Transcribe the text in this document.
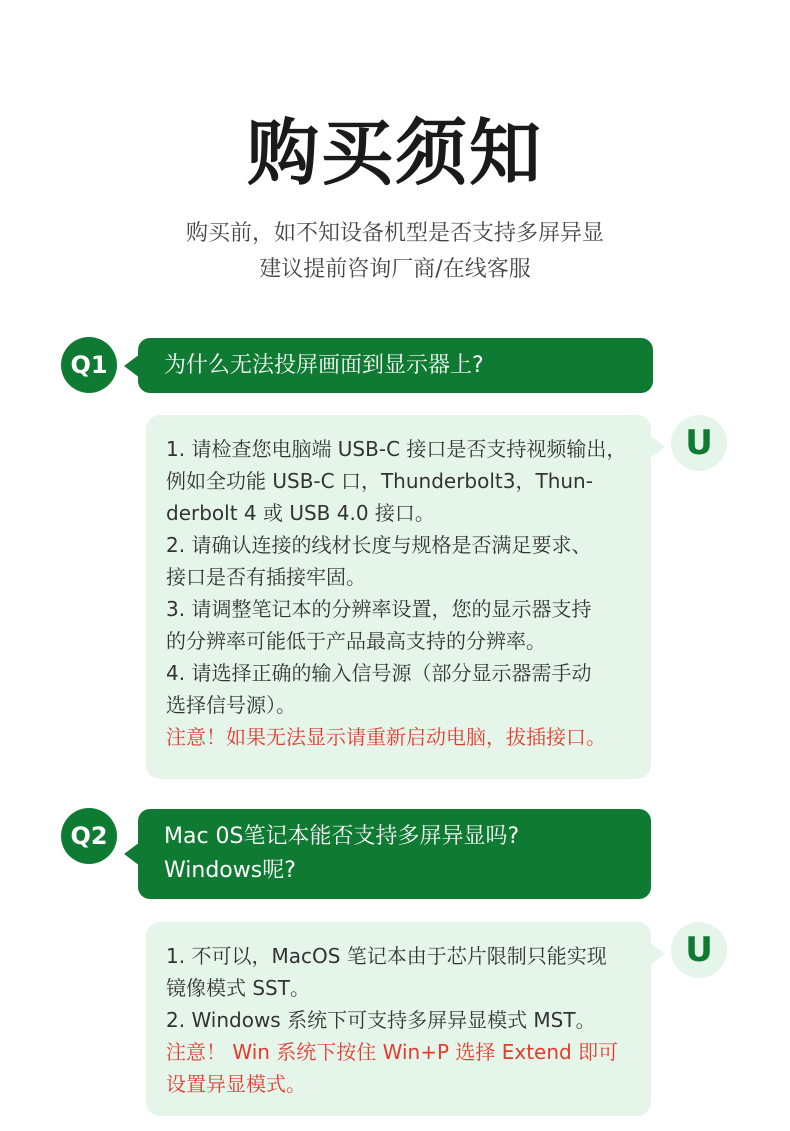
购买须知
购买前，如不知设备机型是否支持多屏异显
建议提前咨询厂商/在线客服
Q1	为什么无法投屏画面到显示器上?
1. 请检查您电脑端 USB-C 接口是否支持视频输出，
例如全功能 USB-C 口，Thunderbolt3，Thun-
derbolt 4 或 USB 4.0 接口。
2. 请确认连接的线材长度与规格是否满足要求、
接口是否有插接牢固。
3. 请调整笔记本的分辨率设置，您的显示器支持
的分辨率可能低于产品最高支持的分辨率。
4. 请选择正确的输入信号源（部分显示器需手动
选择信号源）。
注意！如果无法显示请重新启动电脑，拔插接口。
U
Q2	Mac 0S笔记本能否支持多屏异显吗?
Windows呢?
1. 不可以，MacOS 笔记本由于芯片限制只能实现
镜像模式 SST。
2. Windows 系统下可支持多屏异显模式 MST。
注意！ Win 系统下按住 Win+P 选择 Extend 即可
设置异显模式。
U
